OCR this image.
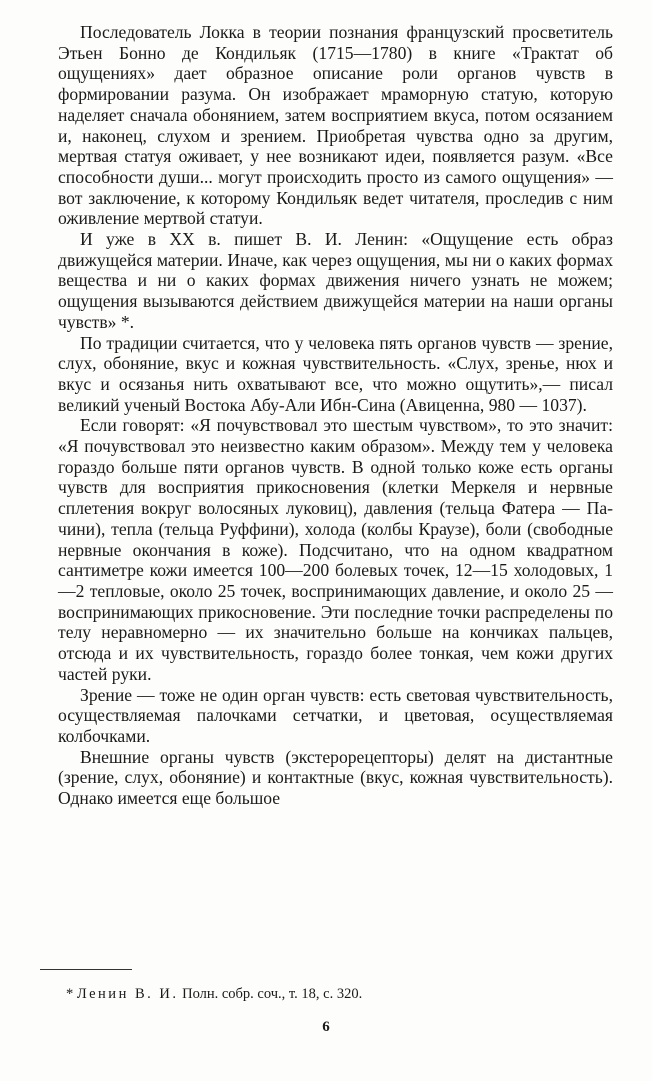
Последователь Локка в теории познания французский просветитель Этьен Бонно де Кондильяк (1715—1780) в книге «Трактат об ощущениях» дает образное описание роли органов чувств в формировании разума. Он изображает мраморную статую, которую наделяет сначала обонянием, затем восприятием вкуса, потом осязанием и, наконец, слухом и зрением. Приобретая чувства одно за другим, мертвая статуя оживает, у нее возникают идеи, появляется разум. «Все способности души... могут происходить просто из самого ощущения» — вот заключение, к которому Кондильяк ведет читателя, проследив с ним оживление мертвой статуи.

И уже в XX в. пишет В. И. Ленин: «Ощущение есть образ движущейся материи. Иначе, как через ощущения, мы ни о каких формах вещества и ни о каких формах движения ничего узнать не можем; ощущения вызываются действием движущейся материи на наши органы чувств» *.

По традиции считается, что у человека пять органов чувств — зрение, слух, обоняние, вкус и кожная чувствительность. «Слух, зренье, нюх и вкус и осязанья нить охватывают все, что можно ощутить»,— писал великий ученый Востока Абу-Али Ибн-Сина (Авиценна, 980 — 1037).

Если говорят: «Я почувствовал это шестым чувством», то это значит: «Я почувствовал это неизвестно каким образом». Между тем у человека гораздо больше пяти органов чувств. В одной только коже есть органы чувств для восприятия прикосновения (клетки Меркеля и нервные сплетения вокруг волосяных луковиц), давления (тельца Фатера — Пачини), тепла (тельца Руффини), холода (колбы Краузе), боли (свободные нервные окончания в коже). Подсчитано, что на одном квадратном сантиметре кожи имеется 100—200 болевых точек, 12—15 холодовых, 1—2 тепловые, около 25 точек, воспринимающих давление, и около 25 — воспринимающих прикосновение. Эти последние точки распределены по телу неравномерно — их значительно больше на кончиках пальцев, отсюда и их чувствительность, гораздо более тонкая, чем кожи других частей руки.

Зрение — тоже не один орган чувств: есть световая чувствительность, осуществляемая палочками сетчатки, и цветовая, осуществляемая колбочками.

Внешние органы чувств (экстерорецепторы) делят на дистантные (зрение, слух, обоняние) и контактные (вкус, кожная чувствительность). Однако имеется еще большое

* Ленин В. И. Полн. собр. соч., т. 18, с. 320.
6
